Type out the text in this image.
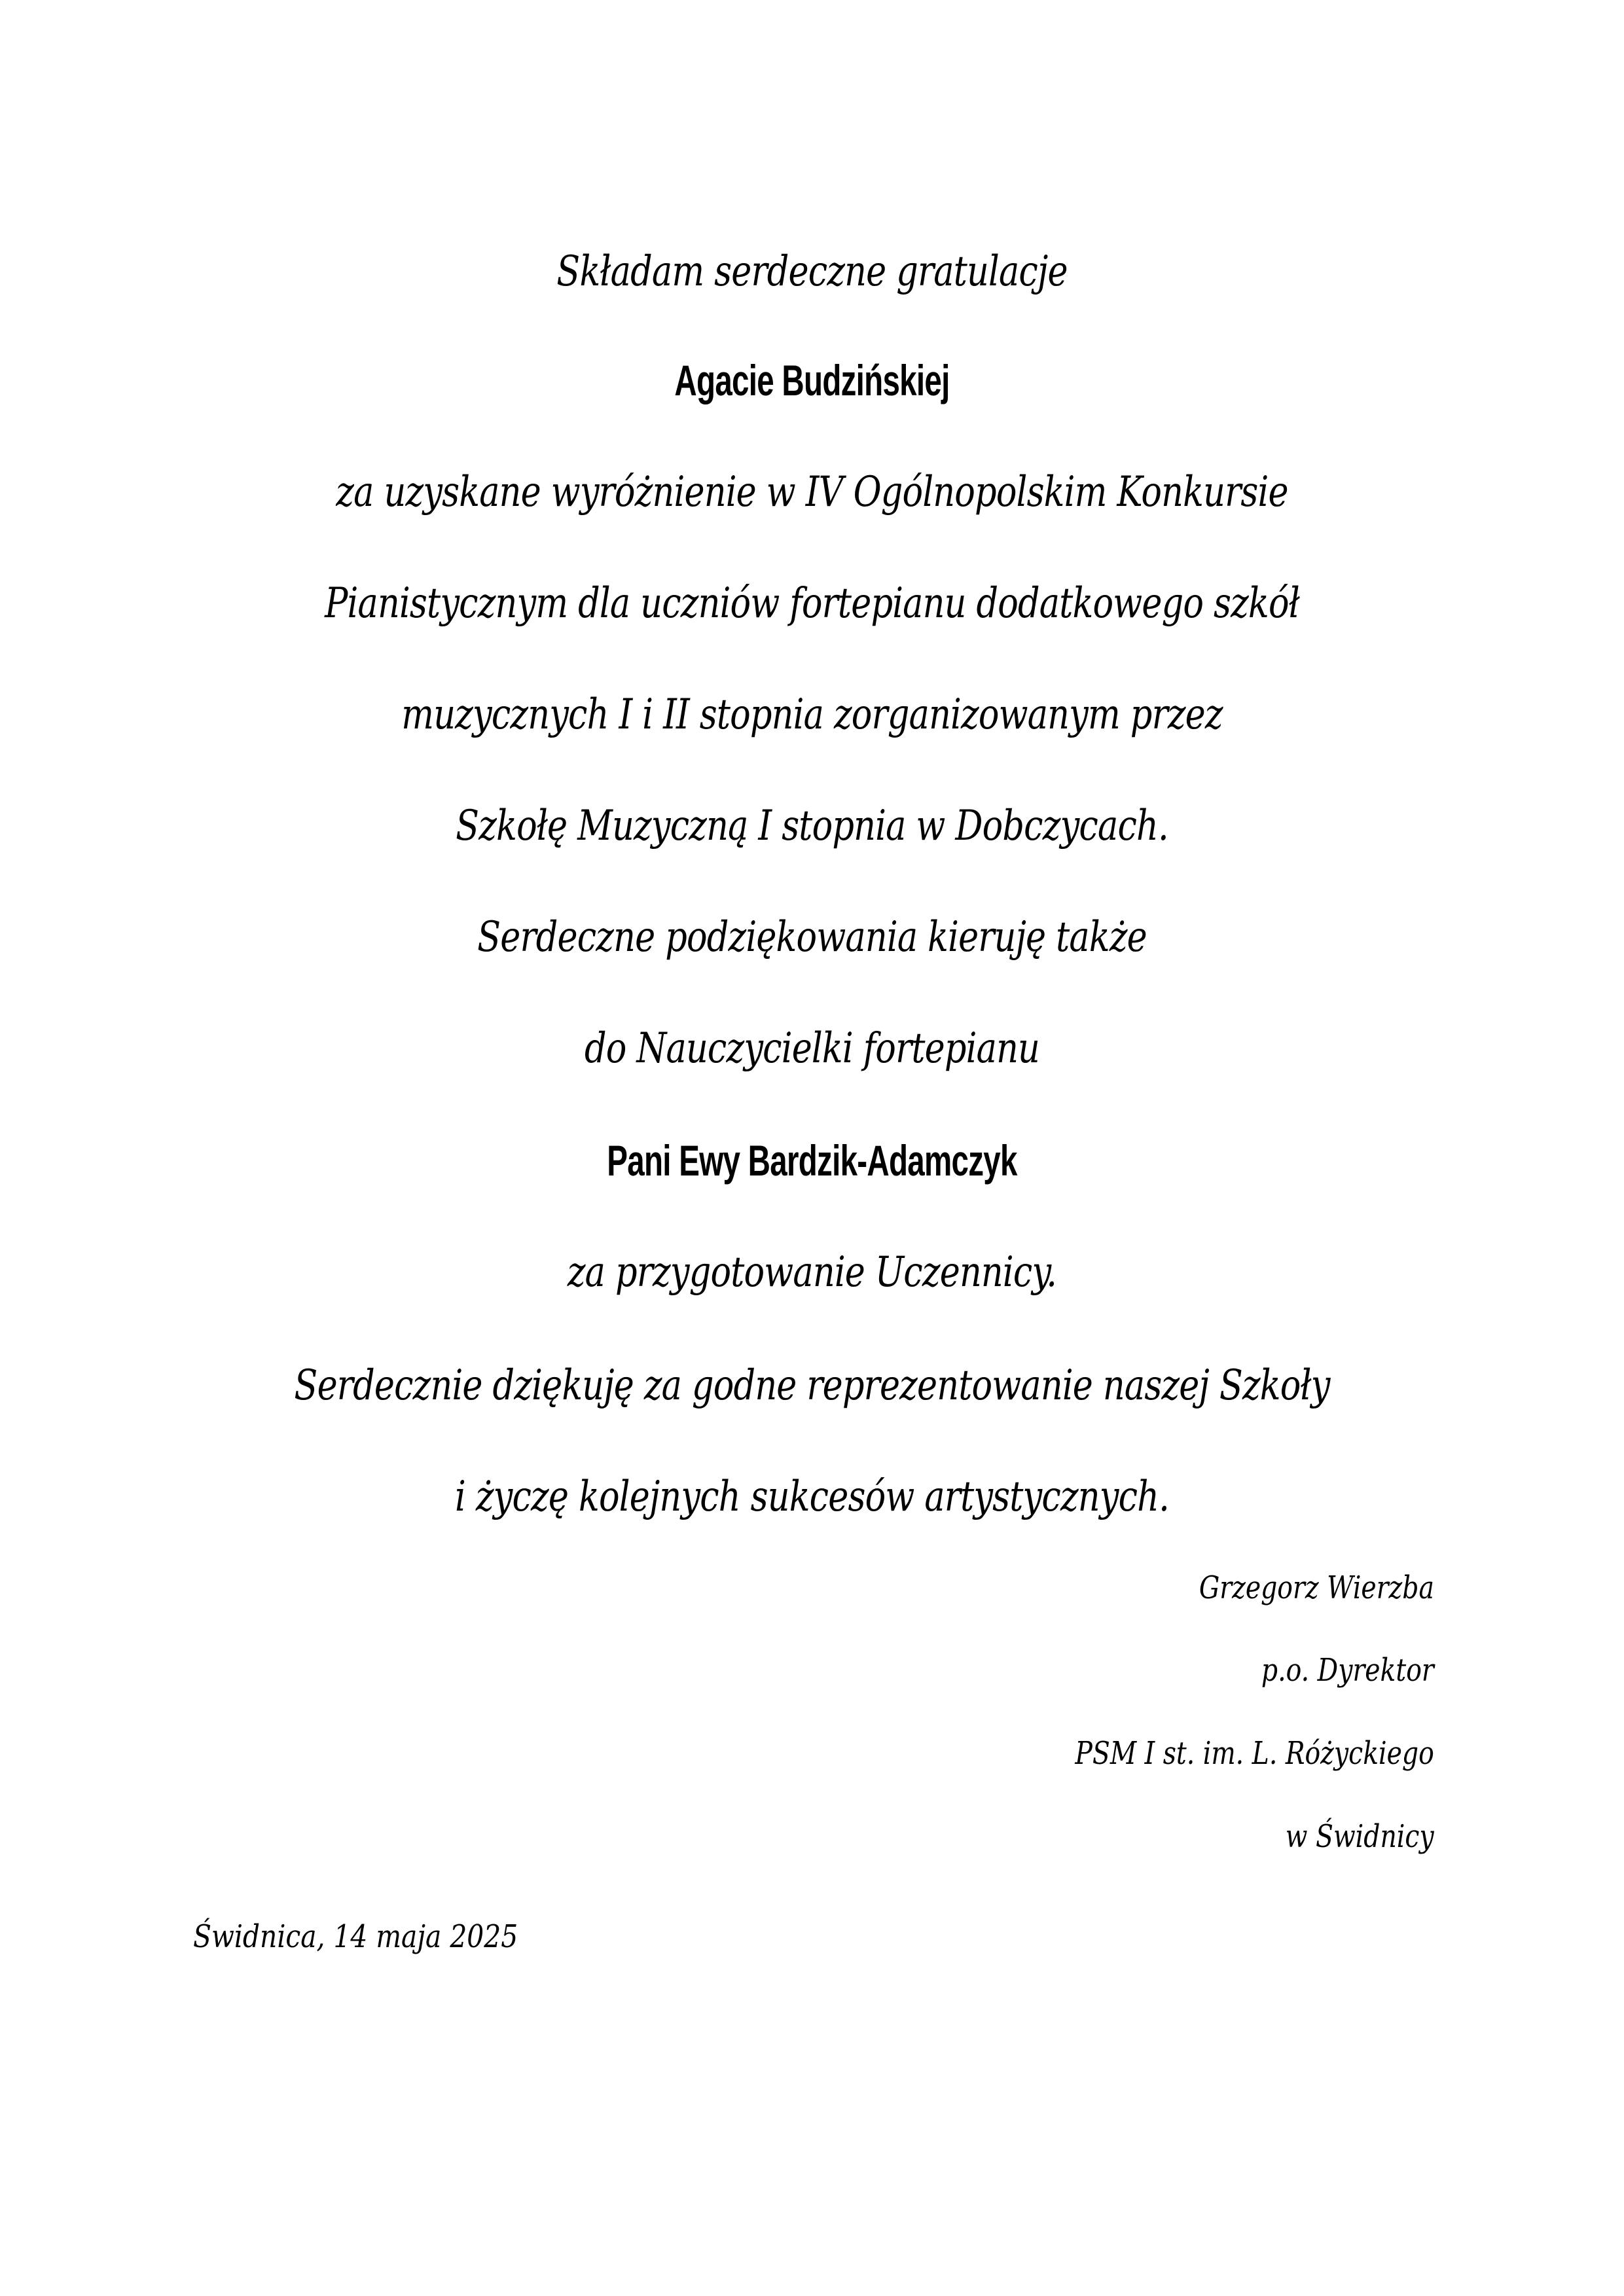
Składam serdeczne gratulacje
Agacie Budzińskiej
za uzyskane wyróżnienie w IV Ogólnopolskim Konkursie
Pianistycznym dla uczniów fortepianu dodatkowego szkół
muzycznych I i II stopnia zorganizowanym przez
Szkołę Muzyczną I stopnia w Dobczycach.
Serdeczne podziękowania kieruję także
do Nauczycielki fortepianu
Pani Ewy Bardzik-Adamczyk
za przygotowanie Uczennicy.
Serdecznie dziękuję za godne reprezentowanie naszej Szkoły
i życzę kolejnych sukcesów artystycznych.
Grzegorz Wierzba
p.o. Dyrektor
PSM I st. im. L. Różyckiego
w Świdnicy
Świdnica, 14 maja 2025
